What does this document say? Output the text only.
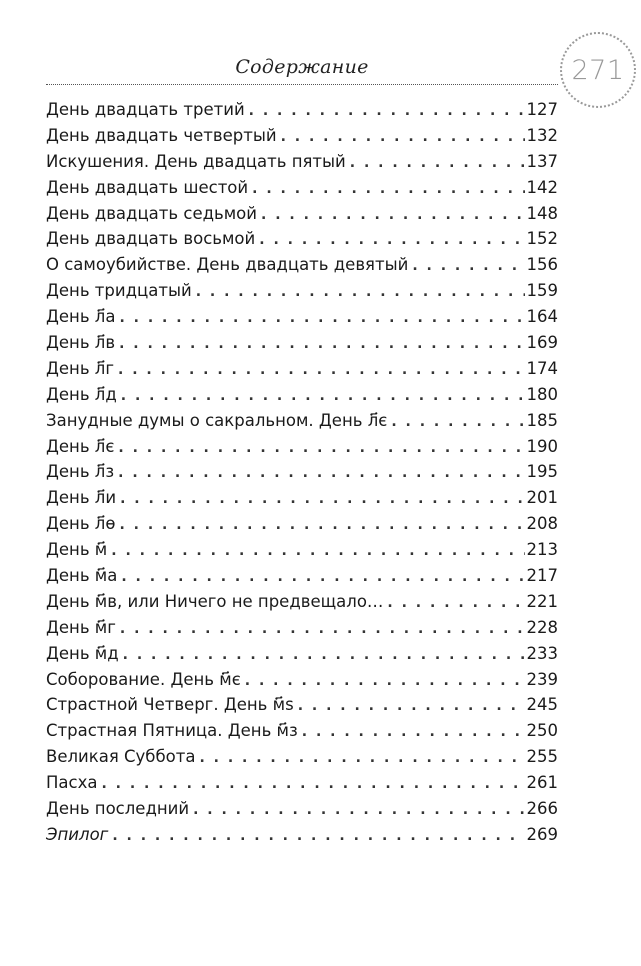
Содержание	271
День двадцать третий . . .	127
День двадцать четвертый . . .	132
Искушения. День двадцать пятый . . .	137
День двадцать шестой . . .	142
День двадцать седьмой . . .	148
День двадцать восьмой . . .	152
О самоубийстве. День двадцать девятый . . .	156
День тридцатый . . .	159
День л҃а . . .	164
День л҃в . . .	169
День л҃г . . .	174
День л҃д . . .	180
Занудные думы о сакральном. День л҃є . . .	185
День л҃є . . .	190
День л҃з . . .	195
День л҃и . . .	201
День л҃ѳ . . .	208
День м҃ . . .	213
День м҃а . . .	217
День м҃в, или Ничего не предвещало… . . .	221
День м҃г . . .	228
День м҃д . . .	233
Соборование. День м҃є . . .	239
Страстной Четверг. День м҃ѕ . . .	245
Страстная Пятница. День м҃з . . .	250
Великая Суббота . . .	255
Пасха . . .	261
День последний . . .	266
Эпилог . . .	269
